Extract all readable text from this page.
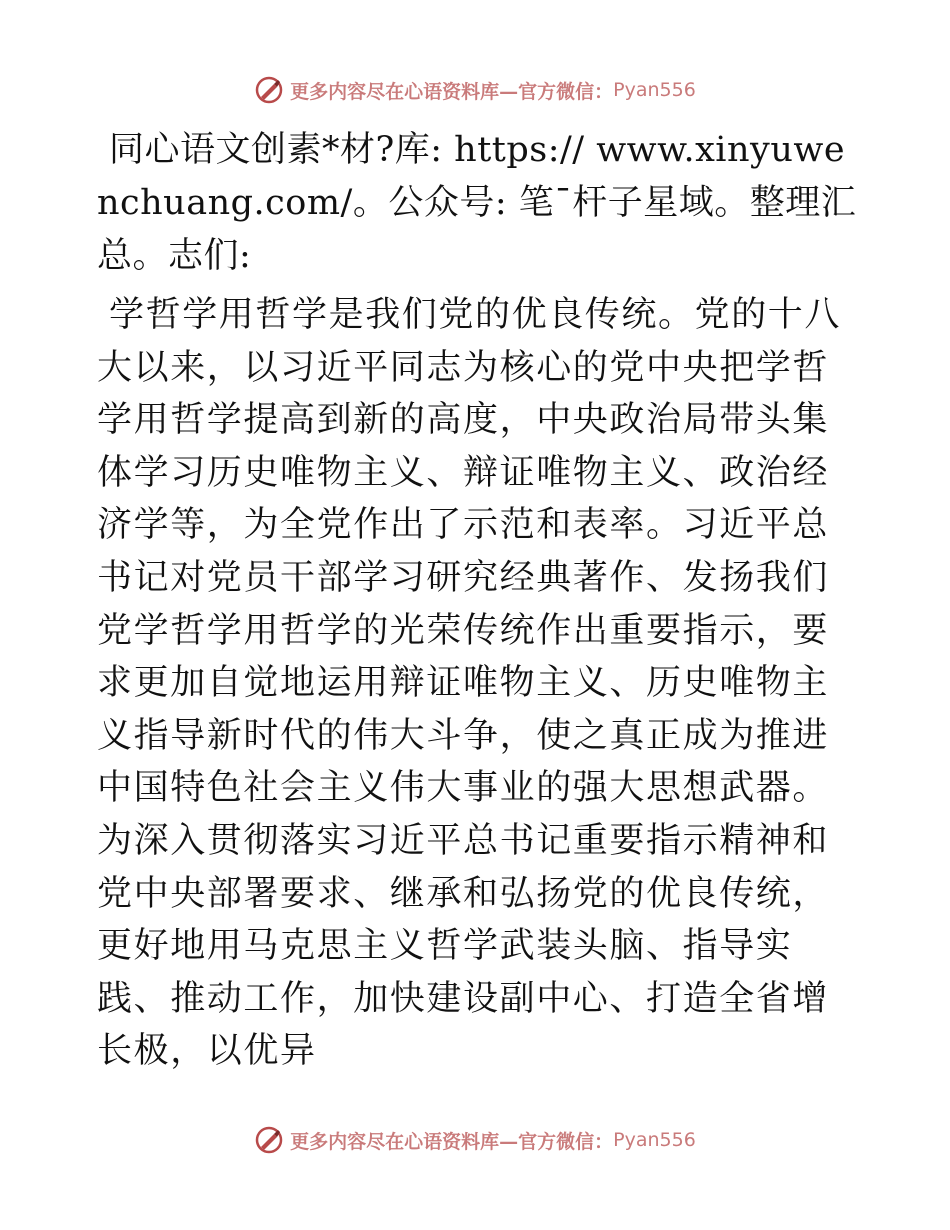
更多内容尽在心语资料库—官方微信： Pyan556

同心语文创素*材?库: https:// www.xinyuwenchuang.com/。公众号: 笔¯杆子星域。整理汇总。志们:

学哲学用哲学是我们党的优良传统。党的十八大以来，以习近平同志为核心的党中央把学哲学用哲学提高到新的高度，中央政治局带头集体学习历史唯物主义、辩证唯物主义、政治经济学等，为全党作出了示范和表率。习近平总书记对党员干部学习研究经典著作、发扬我们党学哲学用哲学的光荣传统作出重要指示，要求更加自觉地运用辩证唯物主义、历史唯物主义指导新时代的伟大斗争，使之真正成为推进中国特色社会主义伟大事业的强大思想武器。为深入贯彻落实习近平总书记重要指示精神和党中央部署要求、继承和弘扬党的优良传统，更好地用马克思主义哲学武装头脑、指导实践、推动工作，加快建设副中心、打造全省增长极，以优异

更多内容尽在心语资料库—官方微信： Pyan556
